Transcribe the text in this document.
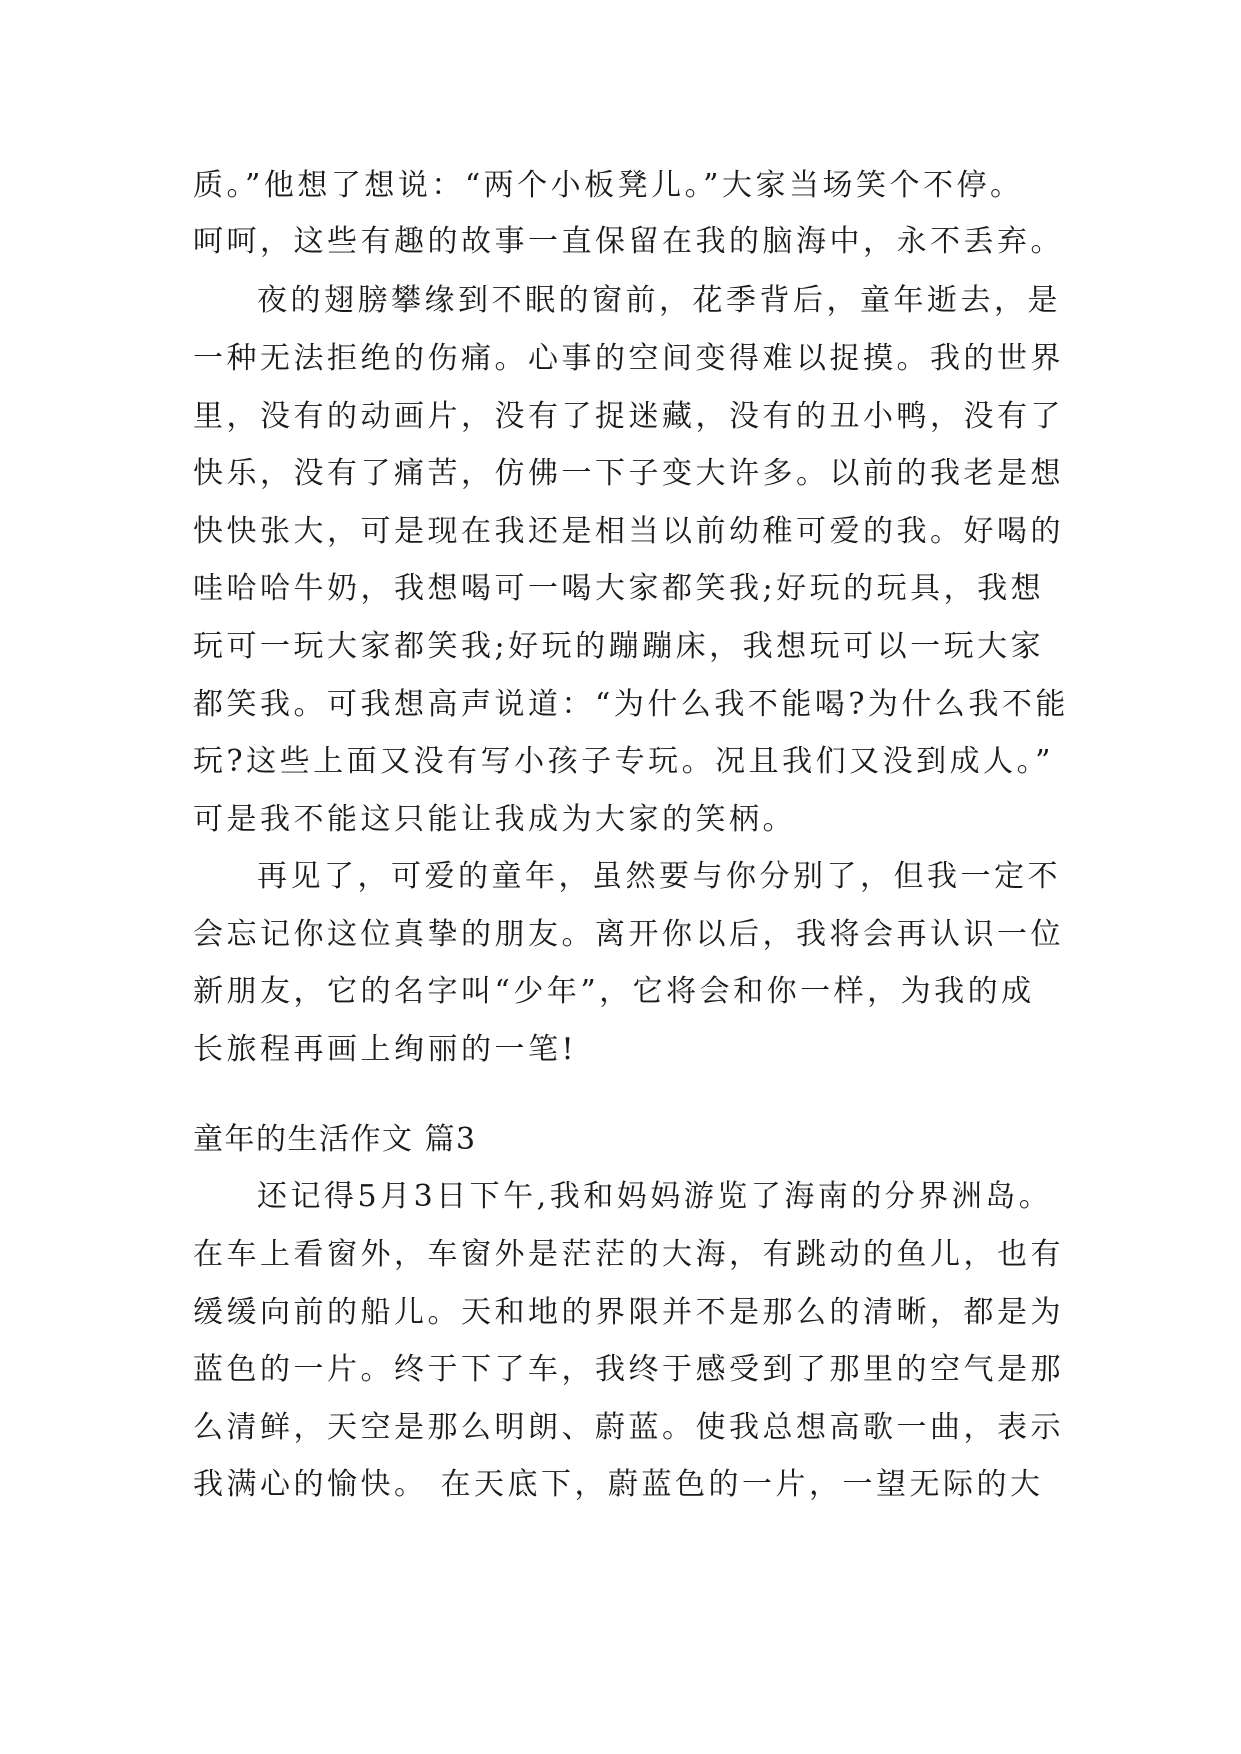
质。”他想了想说：“两个小板凳儿。”大家当场笑个不停。
呵呵，这些有趣的故事一直保留在我的脑海中，永不丢弃。
夜的翅膀攀缘到不眠的窗前，花季背后，童年逝去，是
一种无法拒绝的伤痛。心事的空间变得难以捉摸。我的世界
里，没有的动画片，没有了捉迷藏，没有的丑小鸭，没有了
快乐，没有了痛苦，仿佛一下子变大许多。以前的我老是想
快快张大，可是现在我还是相当以前幼稚可爱的我。好喝的
哇哈哈牛奶，我想喝可一喝大家都笑我;好玩的玩具，我想
玩可一玩大家都笑我;好玩的蹦蹦床，我想玩可以一玩大家
都笑我。可我想高声说道：“为什么我不能喝?为什么我不能
玩?这些上面又没有写小孩子专玩。况且我们又没到成人。”
可是我不能这只能让我成为大家的笑柄。
再见了，可爱的童年，虽然要与你分别了，但我一定不
会忘记你这位真挚的朋友。离开你以后，我将会再认识一位
新朋友，它的名字叫“少年”，它将会和你一样，为我的成
长旅程再画上绚丽的一笔!
童年的生活作文 篇3
还记得5月3日下午,我和妈妈游览了海南的分界洲岛。
在车上看窗外，车窗外是茫茫的大海，有跳动的鱼儿，也有
缓缓向前的船儿。天和地的界限并不是那么的清晰，都是为
蓝色的一片。终于下了车，我终于感受到了那里的空气是那
么清鲜，天空是那么明朗、蔚蓝。使我总想高歌一曲，表示
我满心的愉快。 在天底下，蔚蓝色的一片，一望无际的大
